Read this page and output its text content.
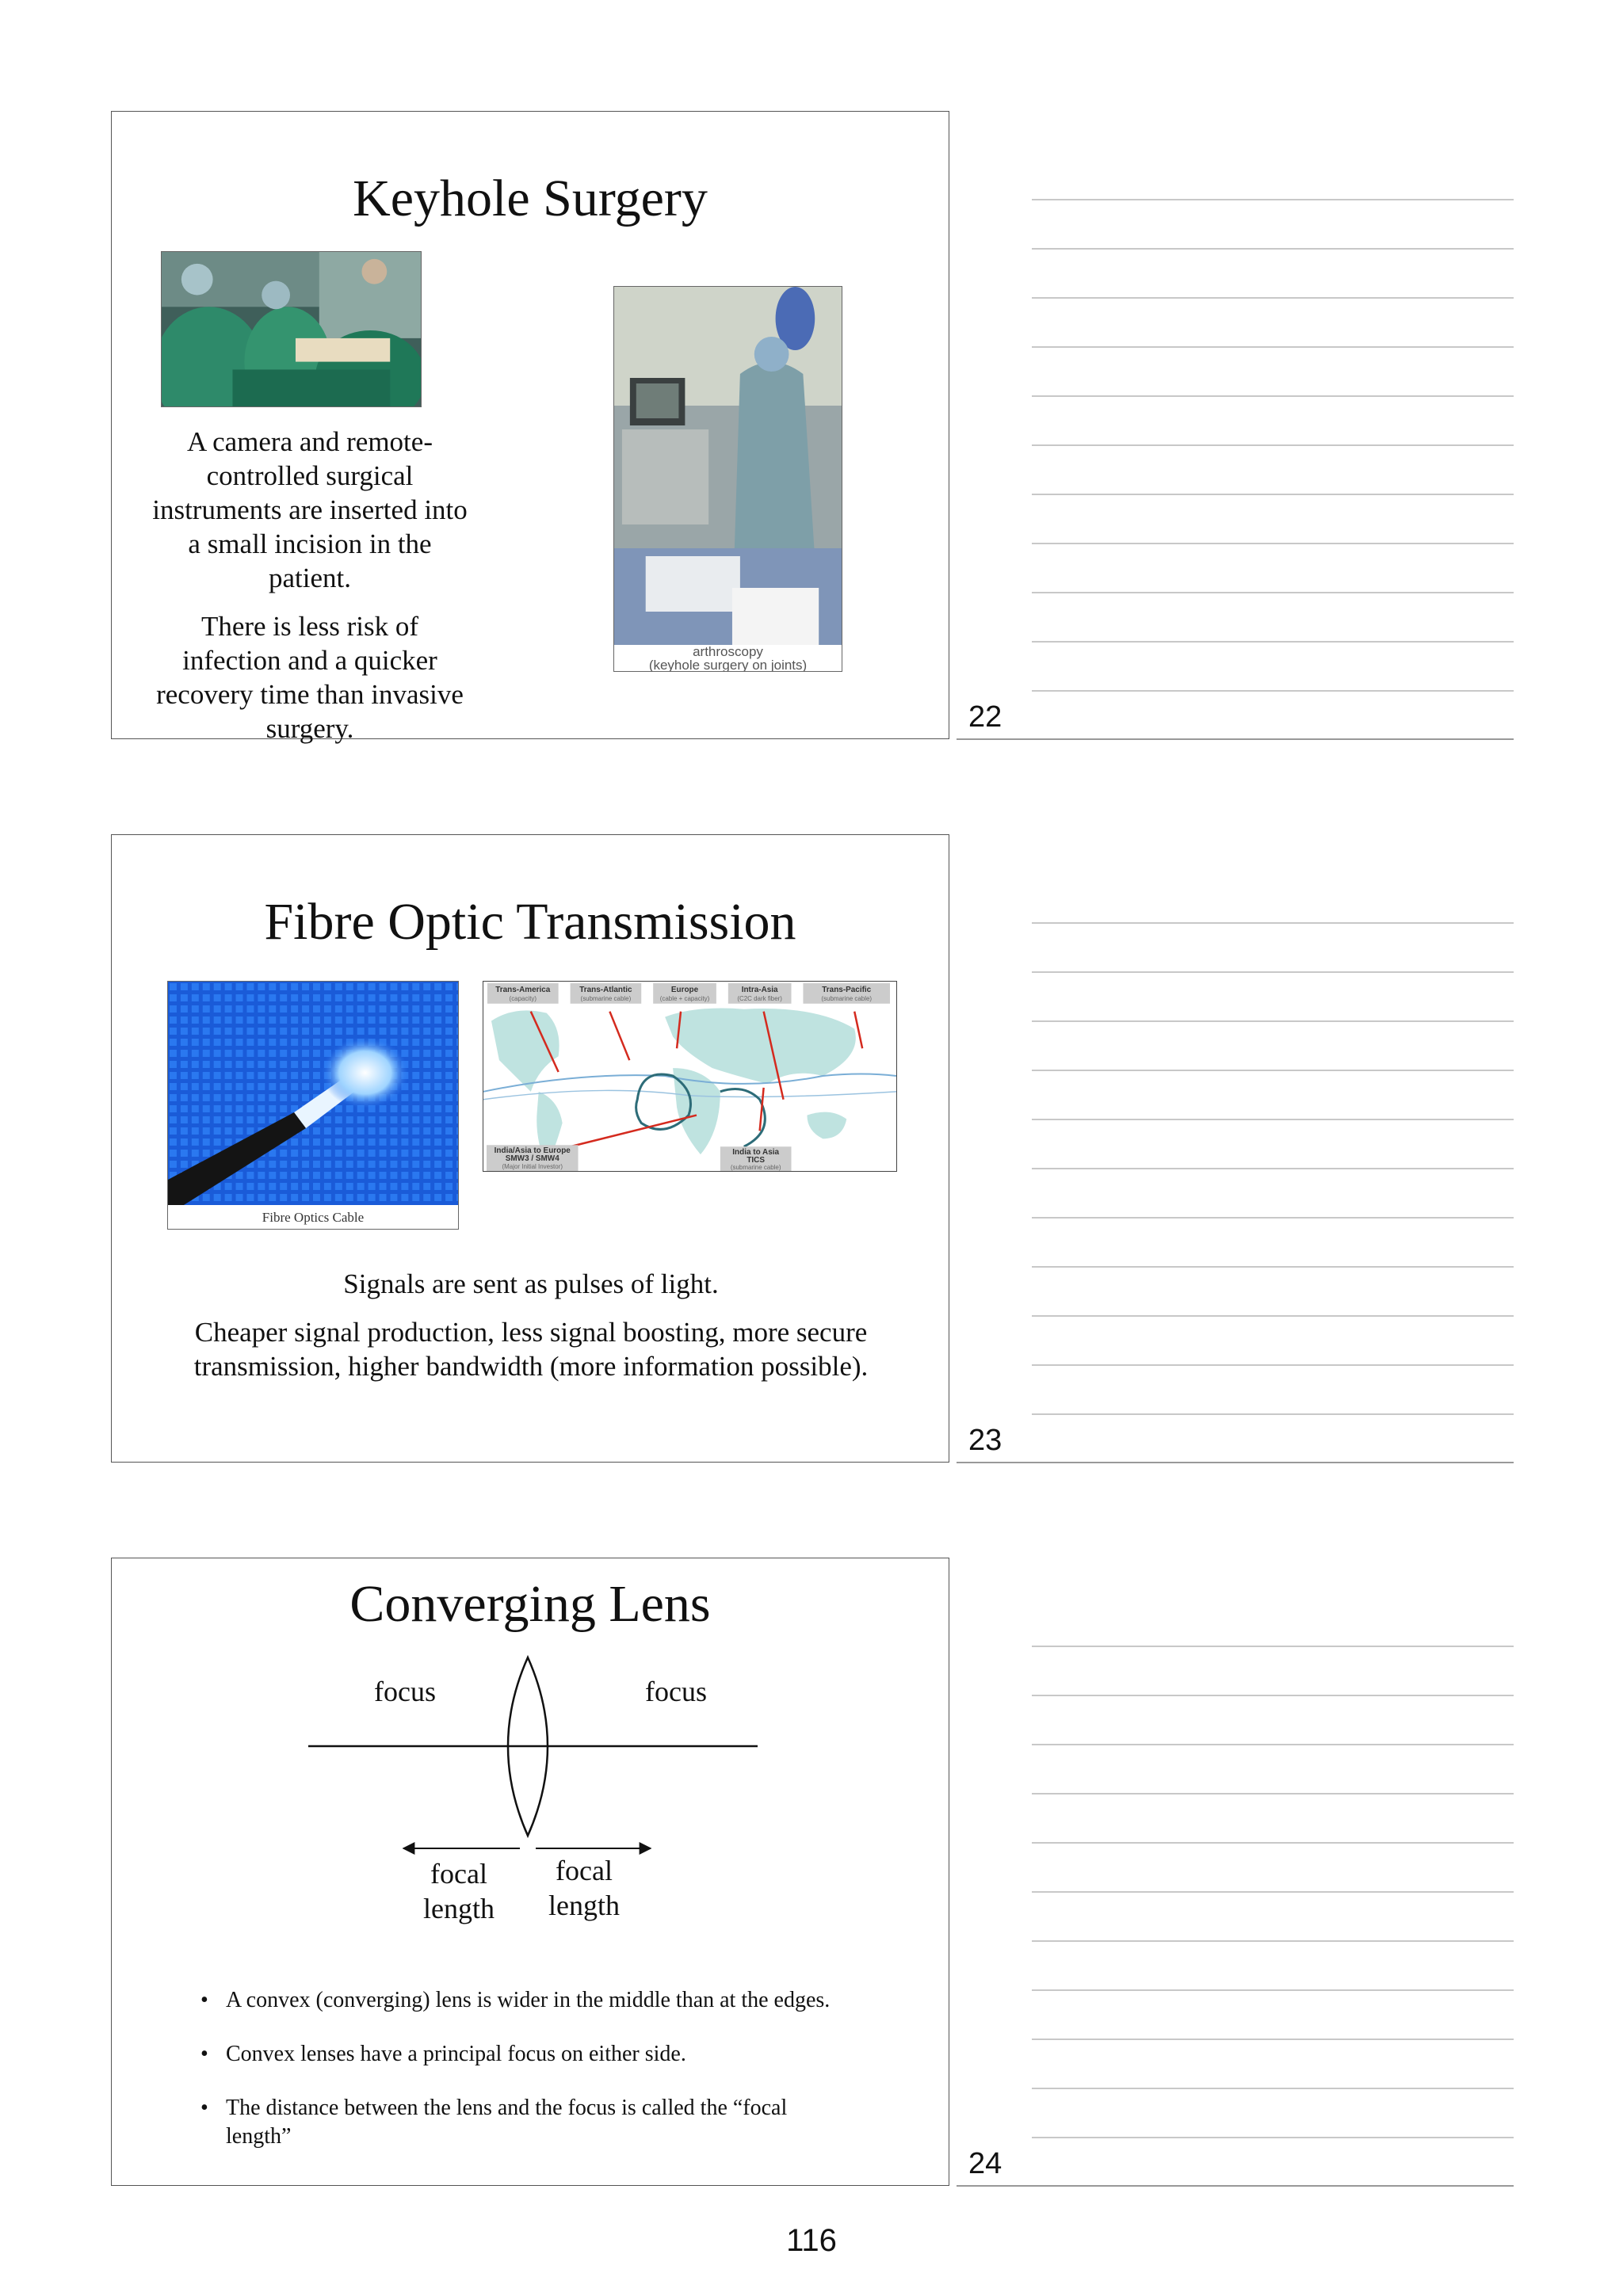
Keyhole Surgery

A camera and remote-controlled surgical instruments are inserted into a small incision in the patient.

There is less risk of infection and a quicker recovery time than invasive surgery.

arthroscopy
(keyhole surgery on joints)
22
Fibre Optic Transmission
Fibre Optics Cable
Trans-America
(capacity)
Trans-Atlantic
(submarine cable)
Europe
(cable + capacity)
Intra-Asia
(C2C dark fiber)
Trans-Pacific
(submarine cable)
India/Asia to Europe
SMW3 / SMW4
(Major Initial Investor)
India to Asia
TICS
(submarine cable)

Signals are sent as pulses of light.

Cheaper signal production, less signal boosting, more secure transmission, higher bandwidth (more information possible).

23
Converging Lens
focus	focus
focal
length
focal
length
• A convex (converging) lens is wider in the middle than at the edges.
• Convex lenses have a principal focus on either side.
• The distance between the lens and the focus is called the “focal length”
24
116
